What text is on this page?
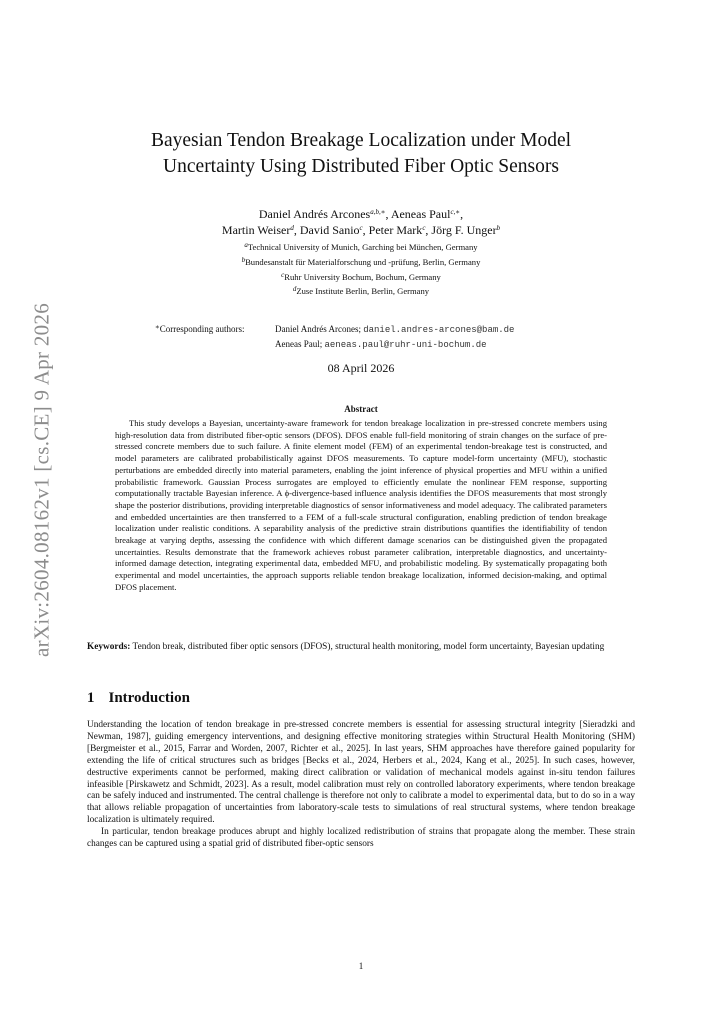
arXiv:2604.08162v1 [cs.CE] 9 Apr 2026
Bayesian Tendon Breakage Localization under Model
Uncertainty Using Distributed Fiber Optic Sensors
Daniel Andrés Arcones$^{a,b,∗}$, Aeneas Paul$^{c,∗}$,
Martin Weiser$^d$, David Sanio$^c$, Peter Mark$^c$, Jörg F. Unger$^b$
$^a$Technical University of Munich, Garching bei München, Germany
$^b$Bundesanstalt für Materialforschung und -prüfung, Berlin, Germany
$^c$Ruhr University Bochum, Bochum, Germany
$^d$Zuse Institute Berlin, Berlin, Germany
∗Corresponding authors:	Daniel Andrés Arcones; daniel.andres-arcones@bam.de
Aeneas Paul; aeneas.paul@ruhr-uni-bochum.de
08 April 2026
Abstract
This study develops a Bayesian, uncertainty-aware framework for tendon breakage localization in pre-stressed concrete members using high-resolution data from distributed fiber-optic sensors (DFOS). DFOS enable full-field monitoring of strain changes on the surface of pre-stressed concrete members due to such failure. A finite element model (FEM) of an experimental tendon-breakage test is constructed, and model parameters are calibrated probabilistically against DFOS measurements. To capture model-form uncertainty (MFU), stochastic perturbations are embedded directly into material parameters, enabling the joint inference of physical properties and MFU within a unified probabilistic framework. Gaussian Process surrogates are employed to efficiently emulate the nonlinear FEM response, supporting computationally tractable Bayesian inference. A ϕ-divergence-based influence analysis identifies the DFOS measurements that most strongly shape the posterior distributions, providing interpretable diagnostics of sensor informativeness and model adequacy. The calibrated parameters and embedded uncertainties are then transferred to a FEM of a full-scale structural configuration, enabling prediction of tendon breakage localization under realistic conditions. A separability analysis of the predictive strain distributions quantifies the identifiability of tendon breakage at varying depths, assessing the confidence with which different damage scenarios can be distinguished given the propagated uncertainties. Results demonstrate that the framework achieves robust parameter calibration, interpretable diagnostics, and uncertainty-informed damage detection, integrating experimental data, embedded MFU, and probabilistic modeling. By systematically propagating both experimental and model uncertainties, the approach supports reliable tendon breakage localization, informed decision-making, and optimal DFOS placement.
Keywords: Tendon break, distributed fiber optic sensors (DFOS), structural health monitoring, model form uncertainty, Bayesian updating
1 Introduction

Understanding the location of tendon breakage in pre-stressed concrete members is essential for assessing structural integrity [Sieradzki and Newman, 1987], guiding emergency interventions, and designing effective monitoring strategies within Structural Health Monitoring (SHM) [Bergmeister et al., 2015, Farrar and Worden, 2007, Richter et al., 2025]. In last years, SHM approaches have therefore gained popularity for extending the life of critical structures such as bridges [Becks et al., 2024, Herbers et al., 2024, Kang et al., 2025]. In such cases, however, destructive experiments cannot be performed, making direct calibration or validation of mechanical models against in-situ tendon failures infeasible [Pirskawetz and Schmidt, 2023]. As a result, model calibration must rely on controlled laboratory experiments, where tendon breakage can be safely induced and instrumented. The central challenge is therefore not only to calibrate a model to experimental data, but to do so in a way that allows reliable propagation of uncertainties from laboratory-scale tests to simulations of real structural systems, where tendon breakage localization is ultimately required.

In particular, tendon breakage produces abrupt and highly localized redistribution of strains that propagate along the member. These strain changes can be captured using a spatial grid of distributed fiber-optic sensors

1
